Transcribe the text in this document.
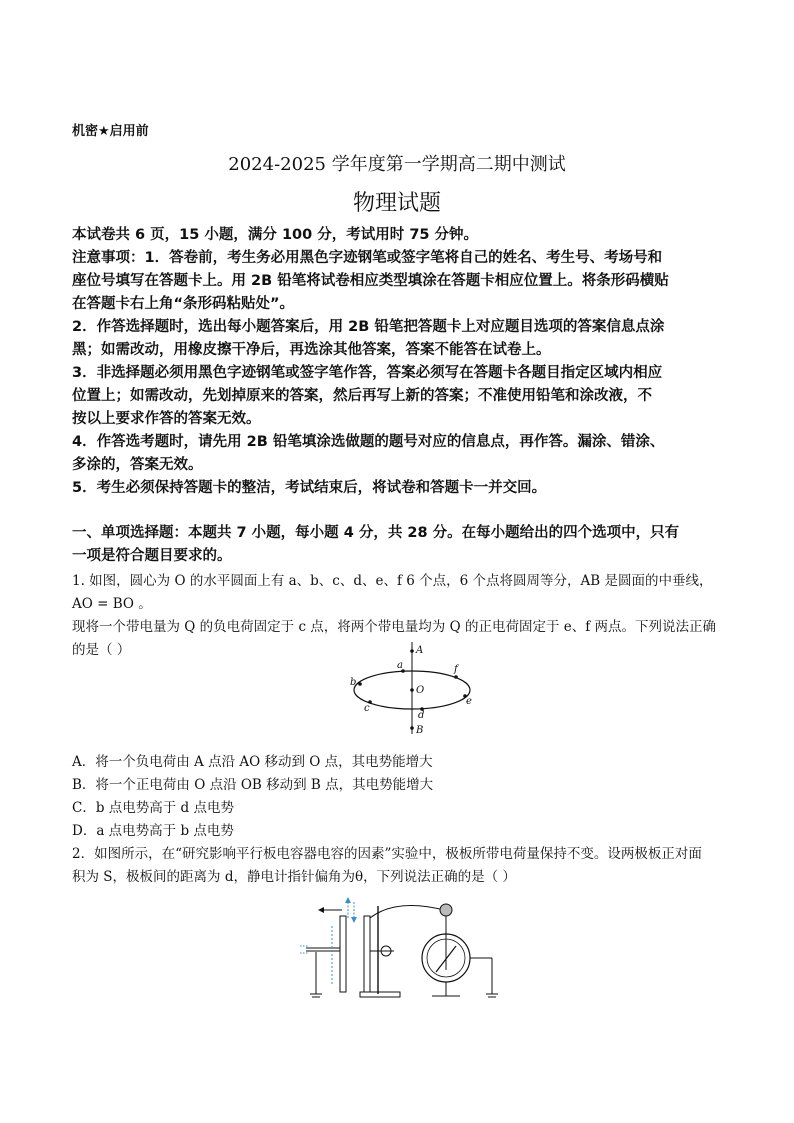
机密★启用前
2024-2025 学年度第一学期高二期中测试
物理试题

本试卷共 6 页，15 小题，满分 100 分，考试用时 75 分钟。

注意事项：1．答卷前，考生务必用黑色字迹钢笔或签字笔将自己的姓名、考生号、考场号和

座位号填写在答题卡上。用 2B 铅笔将试卷相应类型填涂在答题卡相应位置上。将条形码横贴

在答题卡右上角“条形码粘贴处”。

2．作答选择题时，选出每小题答案后，用 2B 铅笔把答题卡上对应题目选项的答案信息点涂

黑；如需改动，用橡皮擦干净后，再选涂其他答案，答案不能答在试卷上。

3．非选择题必须用黑色字迹钢笔或签字笔作答，答案必须写在答题卡各题目指定区域内相应

位置上；如需改动，先划掉原来的答案，然后再写上新的答案；不准使用铅笔和涂改液，不

按以上要求作答的答案无效。

4．作答选考题时，请先用 2B 铅笔填涂选做题的题号对应的信息点，再作答。漏涂、错涂、

多涂的，答案无效。

5．考生必须保持答题卡的整洁，考试结束后，将试卷和答题卡一并交回。

一、单项选择题：本题共 7 小题，每小题 4 分，共 28 分。在每小题给出的四个选项中，只有

一项是符合题目要求的。

1. 如图，圆心为 O 的水平圆面上有 a、b、c、d、e、f 6 个点，6 个点将圆周等分，AB 是圆面的中垂线，AO = BO 。

现将一个带电量为 Q 的负电荷固定于 c 点，将两个带电量均为 Q 的正电荷固定于 e、f 两点。下列说法正确

的是（ ）	A
a	f
b
O
e
c
d
B
A．将一个负电荷由 A 点沿 AO 移动到 O 点，其电势能增大
B．将一个正电荷由 O 点沿 OB 移动到 B 点，其电势能增大
C．b 点电势高于 d 点电势
D．a 点电势高于 b 点电势

2．如图所示，在“研究影响平行板电容器电容的因素”实验中，极板所带电荷量保持不变。设两极板正对面

积为 S，极板间的距离为 d，静电计指针偏角为θ，下列说法正确的是（ ）
